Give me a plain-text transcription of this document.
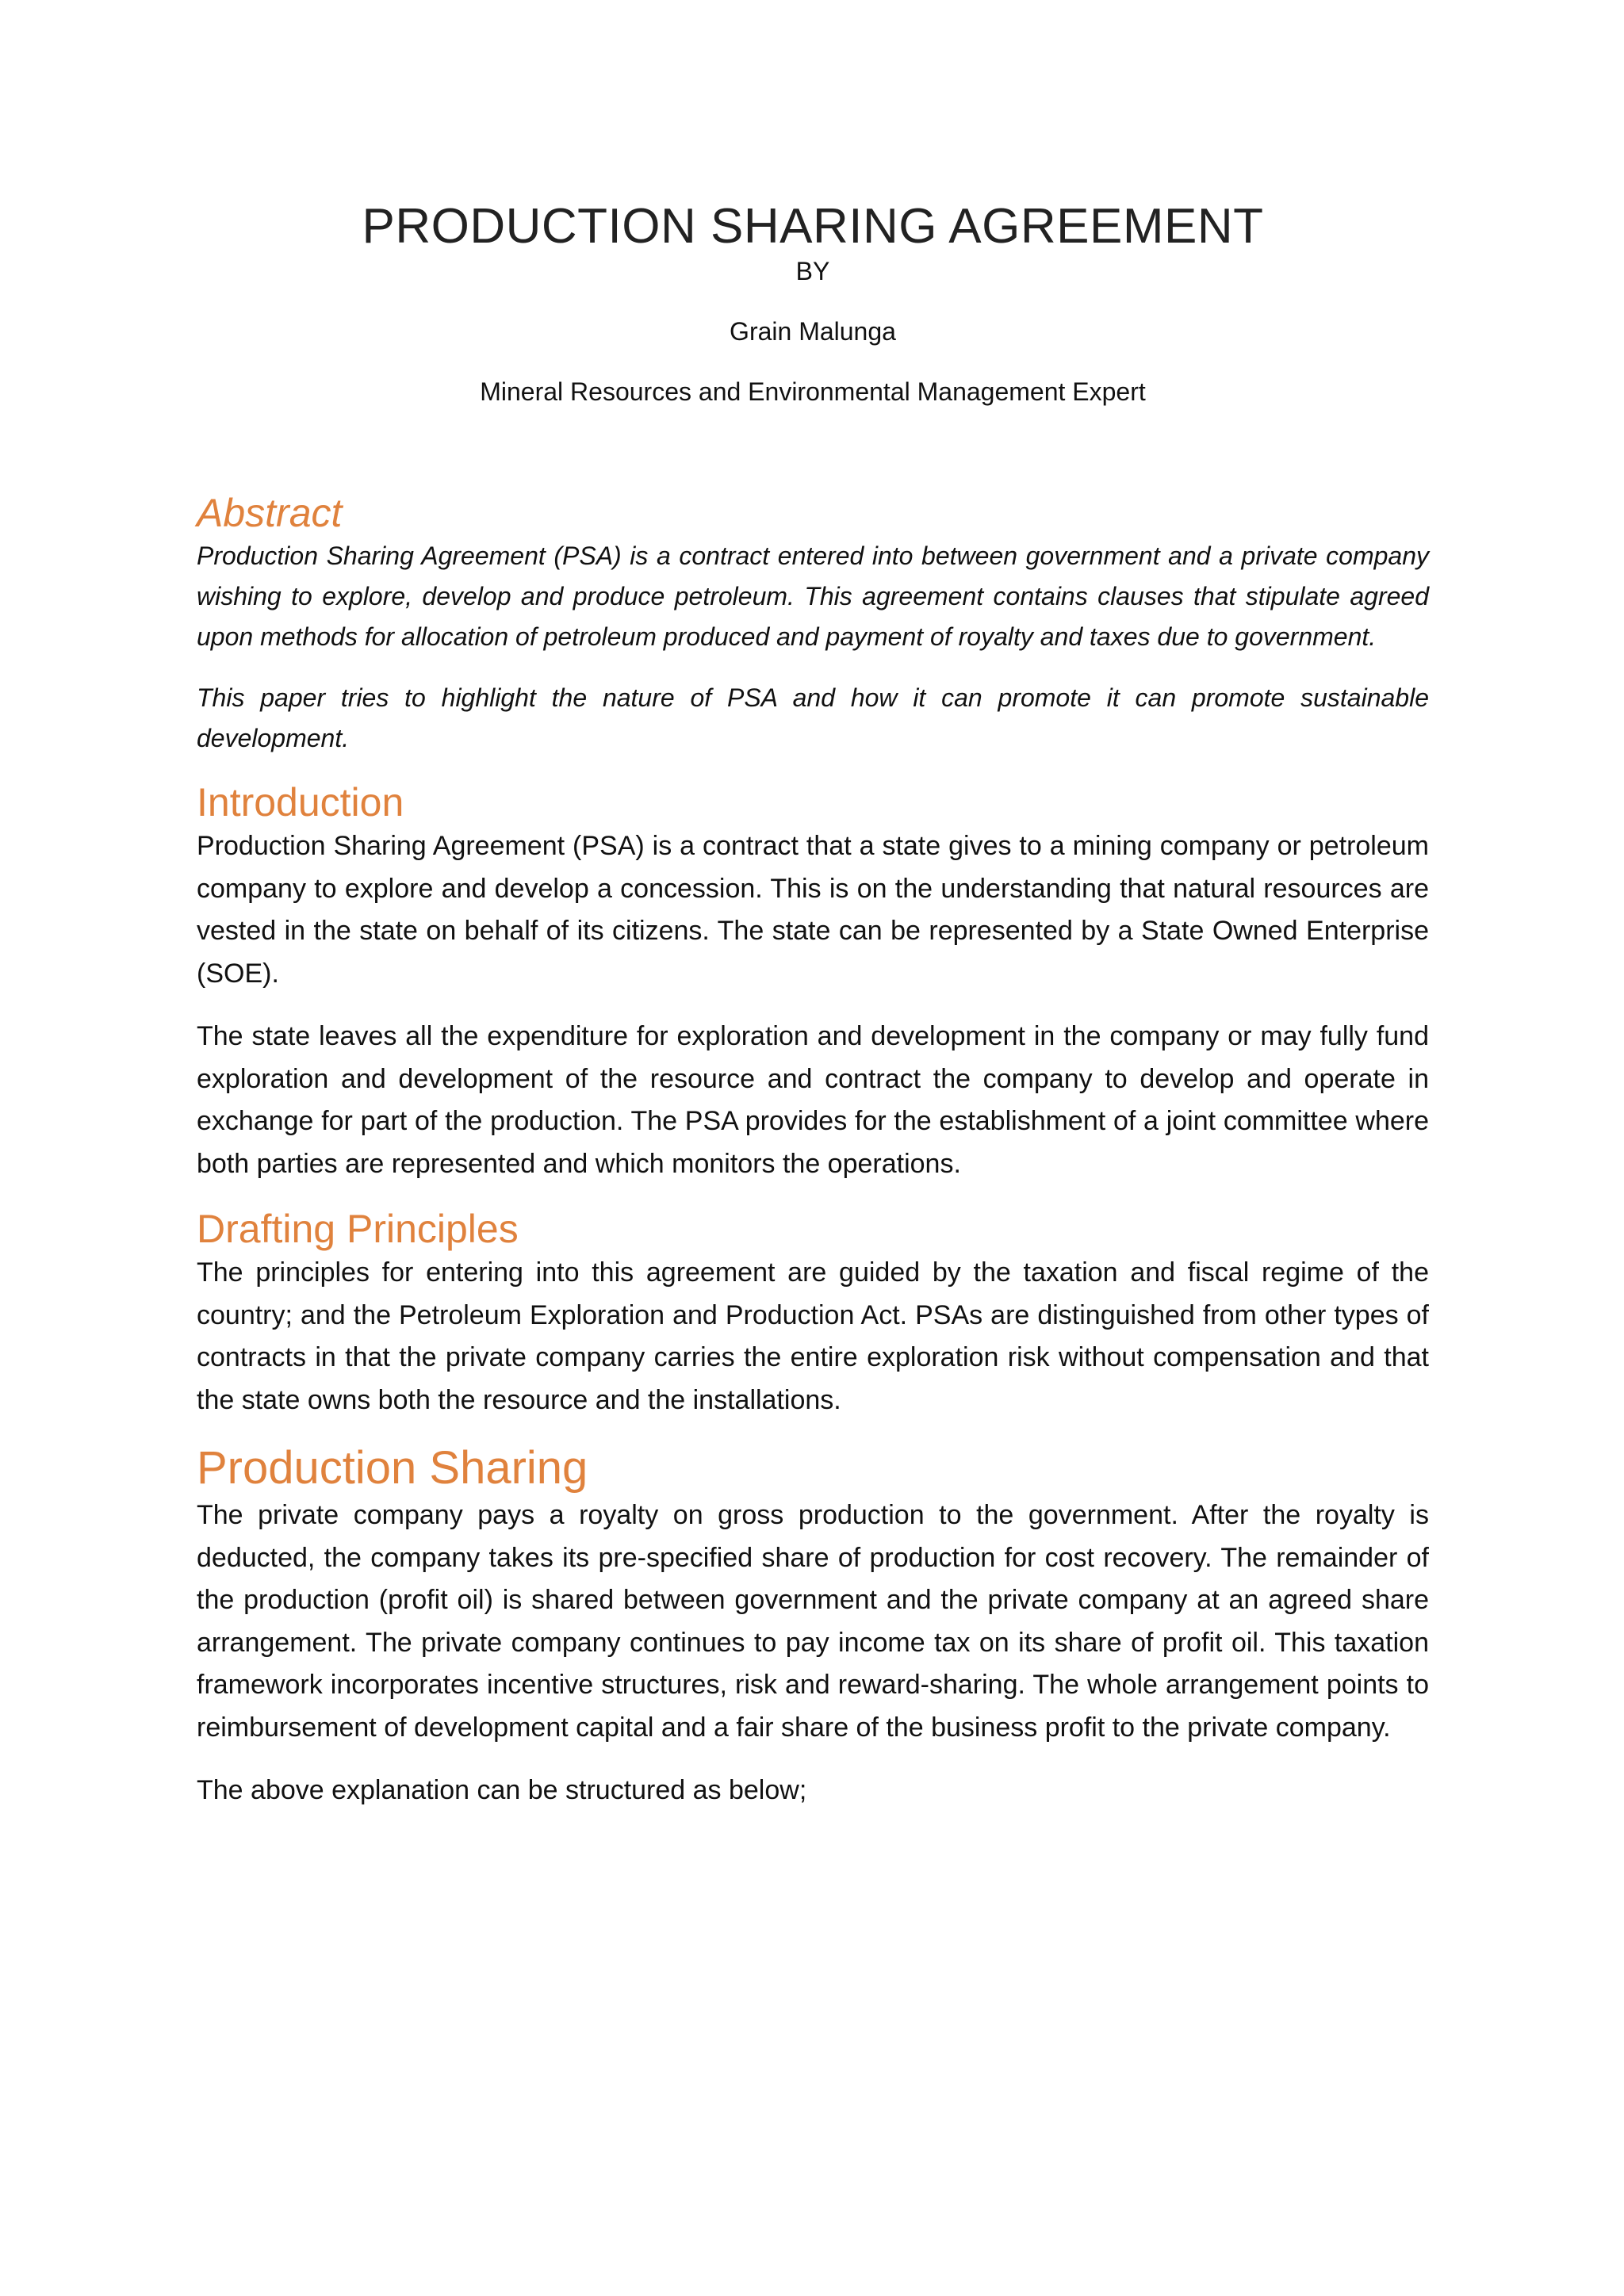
PRODUCTION SHARING AGREEMENT

BY

Grain Malunga

Mineral Resources and Environmental Management Expert

Abstract

Production Sharing Agreement (PSA) is a contract entered into between government and a private company wishing to explore, develop and produce petroleum. This agreement contains clauses that stipulate agreed upon methods for allocation of petroleum produced and payment of royalty and taxes due to government.

This paper tries to highlight the nature of PSA and how it can promote it can promote sustainable development.

Introduction

Production Sharing Agreement (PSA) is a contract that a state gives to a mining company or petroleum company to explore and develop a concession. This is on the understanding that natural resources are vested in the state on behalf of its citizens. The state can be represented by a State Owned Enterprise (SOE).

The state leaves all the expenditure for exploration and development in the company or may fully fund exploration and development of the resource and contract the company to develop and operate in exchange for part of the production. The PSA provides for the establishment of a joint committee where both parties are represented and which monitors the operations.

Drafting Principles

The principles for entering into this agreement are guided by the taxation and fiscal regime of the country; and the Petroleum Exploration and Production Act. PSAs are distinguished from other types of contracts in that the private company carries the entire exploration risk without compensation and that the state owns both the resource and the installations.

Production Sharing

The private company pays a royalty on gross production to the government. After the royalty is deducted, the company takes its pre-specified share of production for cost recovery. The remainder of the production (profit oil) is shared between government and the private company at an agreed share arrangement. The private company continues to pay income tax on its share of profit oil. This taxation framework incorporates incentive structures, risk and reward-sharing. The whole arrangement points to reimbursement of development capital and a fair share of the business profit to the private company.

The above explanation can be structured as below;
